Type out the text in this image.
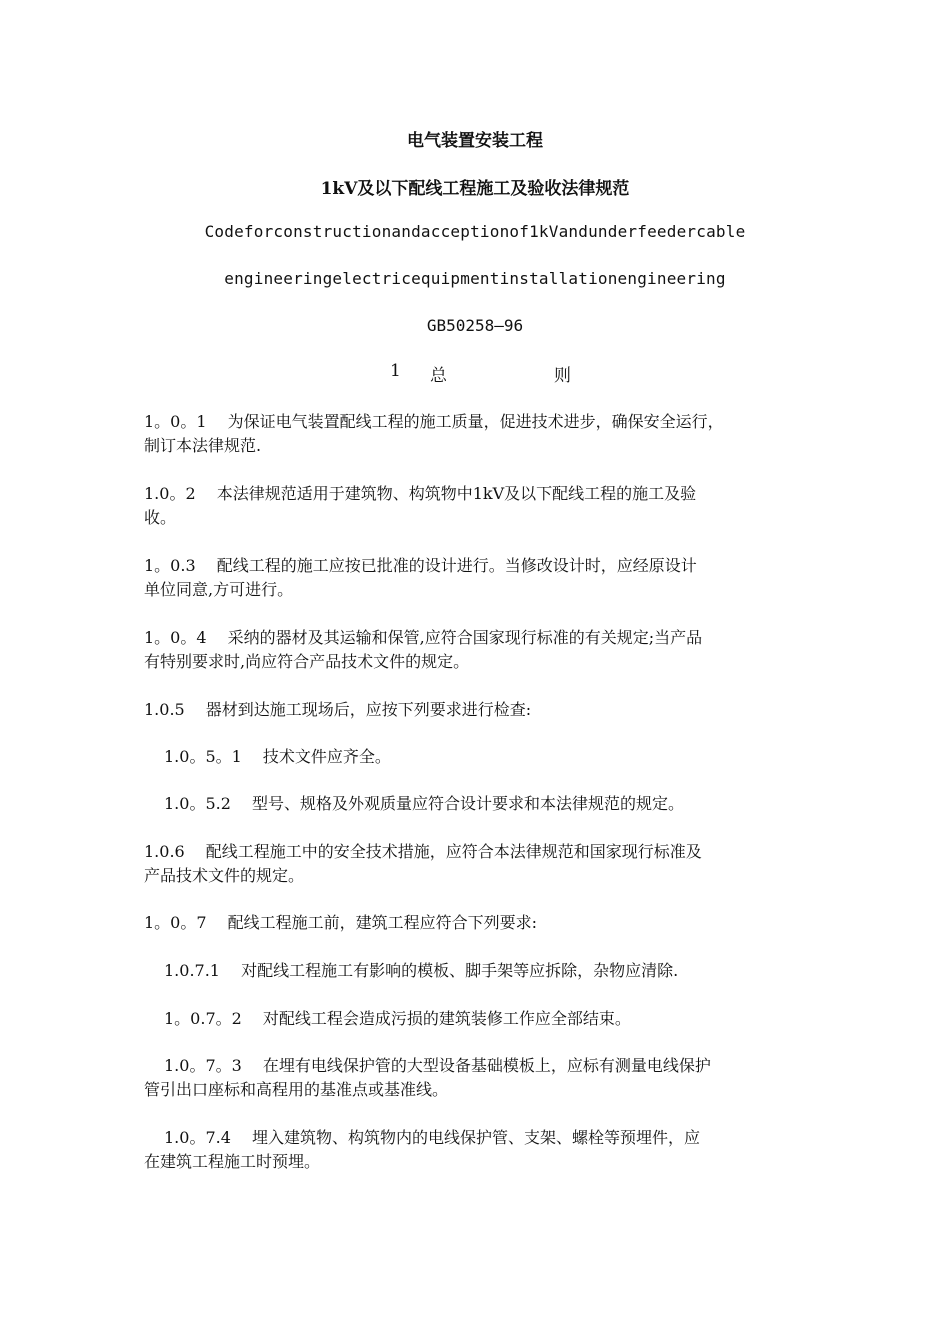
电气装置安装工程
1kV及以下配线工程施工及验收法律规范
Codeforconstructionandacceptionof1kVandunderfeedercable
engineeringelectricequipmentinstallationengineering
GB50258—96
1 总	则
1。0。1　 为保证电气装置配线工程的施工质量，促进技术进步，确保安全运行，
制订本法律规范.
1.0。2　 本法律规范适用于建筑物、构筑物中1kV及以下配线工程的施工及验
收。
1。0.3　 配线工程的施工应按已批准的设计进行。当修改设计时，应经原设计
单位同意,方可进行。
1。0。4　 采纳的器材及其运输和保管,应符合国家现行标准的有关规定;当产品
有特别要求时,尚应符合产品技术文件的规定。
1.0.5　 器材到达施工现场后，应按下列要求进行检查:
1.0。5。1　 技术文件应齐全。
1.0。5.2　 型号、规格及外观质量应符合设计要求和本法律规范的规定。
1.0.6　 配线工程施工中的安全技术措施，应符合本法律规范和国家现行标准及
产品技术文件的规定。
1。0。7　 配线工程施工前，建筑工程应符合下列要求:
1.0.7.1　 对配线工程施工有影响的模板、脚手架等应拆除，杂物应清除.
1。0.7。2　 对配线工程会造成污损的建筑装修工作应全部结束。
1.0。7。3　 在埋有电线保护管的大型设备基础模板上，应标有测量电线保护
管引出口座标和高程用的基准点或基准线。
1.0。7.4　 埋入建筑物、构筑物内的电线保护管、支架、螺栓等预埋件，应
在建筑工程施工时预埋。
